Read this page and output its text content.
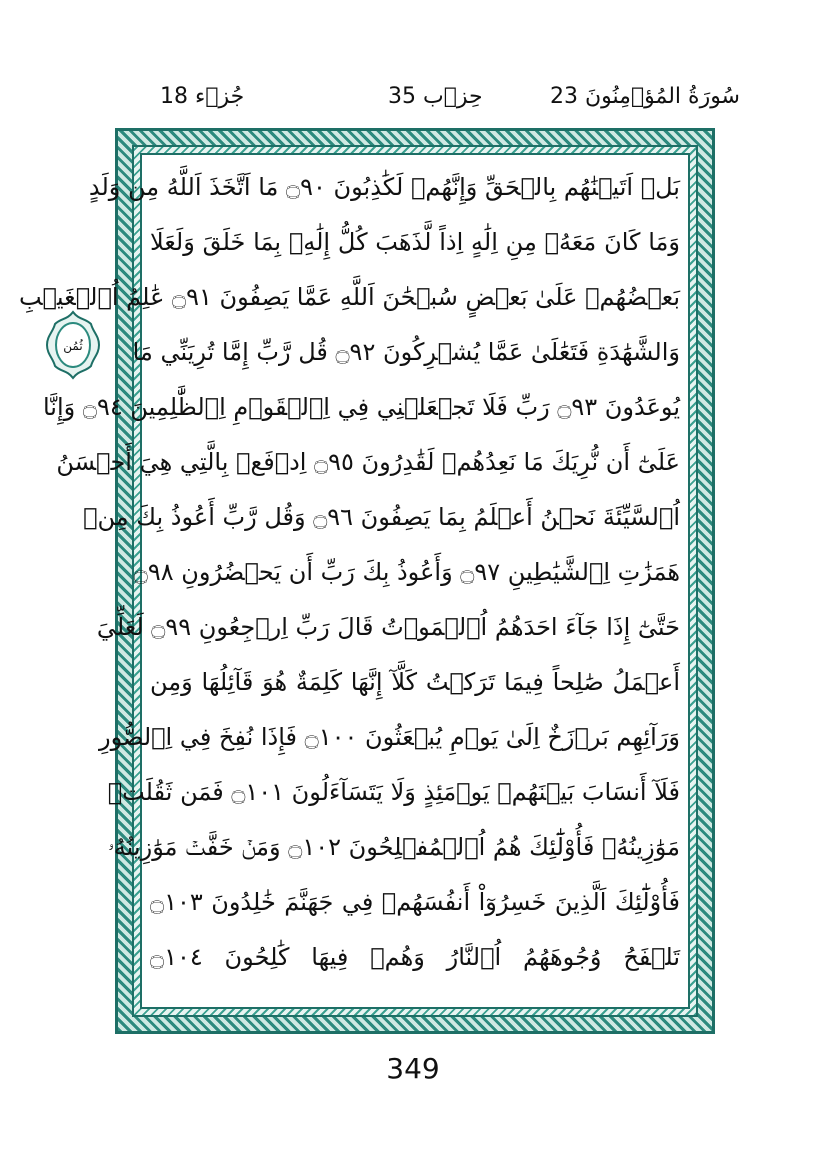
جُزۡء 18	حِزۡب 35	23 سُورَةُ المُؤۡمِنُونَ
ثُمُن
بَلۡ اَتَيۡنَٰهُم بِالۡحَقِّ وَإِنَّهُمۡ لَكَٰذِبُونَ ۝٩٠ مَا اَتَّخَذَ اَللَّهُ مِن وَلَدٍ
وَمَا كَانَ مَعَهُۥ مِنِ اِلَٰهٍ اِذاً لَّذَهَبَ كُلُّ إِلَٰهِۢ بِمَا خَلَقَ وَلَعَلَا
بَعۡضُهُمۡ عَلَىٰ بَعۡضٍ سُبۡحَٰنَ اَللَّهِ عَمَّا يَصِفُونَ ۝٩١ عَٰلِمُ اُ۬لۡغَيۡبِ
وَالشَّهَٰدَةِ فَتَعَٰلَىٰ عَمَّا يُشۡرِكُونَ ۝٩٢ قُل رَّبِّ إِمَّا تُرِيَنِّي مَا
يُوعَدُونَ ۝٩٣ رَبِّ فَلَا تَجۡعَلۡنِي فِي اِ۬لۡقَوۡمِ اِ۬لظَّٰلِمِينَ ۝٩٤ وَإِنَّا
عَلَىٰٓ أَن نُّرِيَكَ مَا نَعِدُهُمۡ لَقَٰدِرُونَ ۝٩٥ اِدۡفَعۡ بِالَّتِي هِيَ أَحۡسَنُ
اُ۬لسَّيِّئَةَ نَحۡنُ أَعۡلَمُ بِمَا يَصِفُونَ ۝٩٦ وَقُل رَّبِّ أَعُوذُ بِكَ مِنۡ
هَمَزَٰتِ اِ۬لشَّيَٰطِينِ ۝٩٧ وَأَعُوذُ بِكَ رَبِّ أَن يَحۡضُرُونِ ۝٩٨
حَتَّىٰٓ إِذَا جَآءَ احَدَهُمُ اُ۬لۡمَوۡتُ قَالَ رَبِّ اِرۡجِعُونِ ۝٩٩ لَعَلِّيَ
أَعۡمَلُ صَٰلِحاً فِيمَا تَرَكۡتُ كَلَّآ إِنَّهَا كَلِمَةٌ هُوَ قَآئِلُهَا وَمِن
وَرَآئِهِم بَرۡزَخٌ اِلَىٰ يَوۡمِ يُبۡعَثُونَ ۝١٠٠ فَإِذَا نُفِخَ فِي اِ۬لصُّورِ
فَلَآ أَنسَابَ بَيۡنَهُمۡ يَوۡمَئِذٍ وَلَا يَتَسَآءَلُونَ ۝١٠١ فَمَن ثَقُلَتۡ
مَوَٰزِينُهُۥ فَأُوْلَٰٓئِكَ هُمُ اُ۬لۡمُفۡلِحُونَ ۝١٠٢ وَمَنۡ خَفَّتۡ مَوَٰزِينُهُۥ
فَأُوْلَٰٓئِكَ اَلَّذِينَ خَسِرُوٓاْ أَنفُسَهُمۡ فِي جَهَنَّمَ خَٰلِدُونَ ۝١٠٣
تَلۡفَحُ وُجُوهَهُمُ اُ۬لنَّارُ وَهُمۡ فِيهَا كَٰلِحُونَ ۝١٠٤
349
